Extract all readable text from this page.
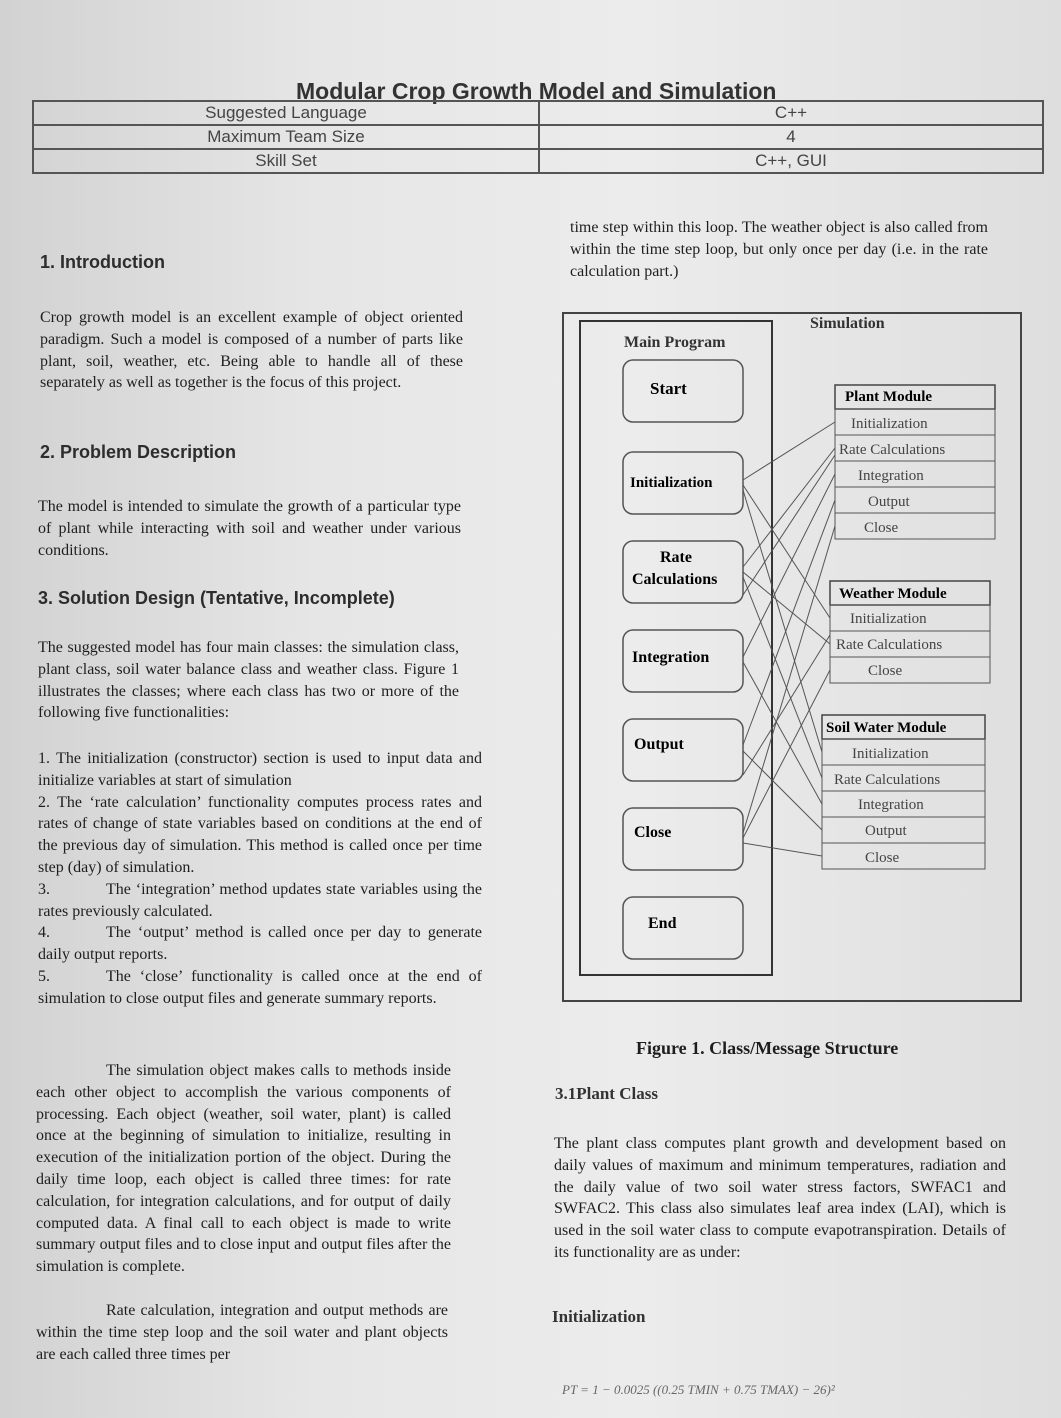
Modular Crop Growth Model and Simulation
Suggested Language	C++
Maximum Team Size	4
Skill Set	C++, GUI
1. Introduction

Crop growth model is an excellent example of object oriented paradigm. Such a model is composed of a number of parts like plant, soil, weather, etc. Being able to handle all of these separately as well as together is the focus of this project.

2. Problem Description

The model is intended to simulate the growth of a particular type of plant while interacting with soil and weather under various conditions.

3. Solution Design (Tentative, Incomplete)

The suggested model has four main classes: the simulation class, plant class, soil water balance class and weather class. Figure 1 illustrates the classes; where each class has two or more of the following five functionalities:

1. The initialization (constructor) section is used to input data and initialize variables at start of simulation
2. The ‘rate calculation’ functionality computes process rates and rates of change of state variables based on conditions at the end of the previous day of simulation. This method is called once per time step (day) of simulation.
3.	The ‘integration’ method updates state variables using the rates previously calculated.
4.	The ‘output’ method is called once per day to generate daily output reports.
5.	The ‘close’ functionality is called once at the end of simulation to close output files and generate summary reports.

The simulation object makes calls to methods inside each other object to accomplish the various components of processing. Each object (weather, soil water, plant) is called once at the beginning of simulation to initialize, resulting in execution of the initialization portion of the object. During the daily time loop, each object is called three times: for rate calculation, for integration calculations, and for output of daily computed data. A final call to each object is made to write summary output files and to close input and output files after the simulation is complete.

Rate calculation, integration and output methods are within the time step loop and the soil water and plant objects are each called three times per

time step within this loop. The weather object is also called from within the time step loop, but only once per day (i.e. in the rate calculation part.)

Simulation
Main Program
Start
Initialization
Rate
Calculations
Integration
Output
Close
End
Plant Module
Initialization
Rate Calculations
Integration
Output
Close
Weather Module
Initialization
Rate Calculations
Close
Soil Water Module
Initialization
Rate Calculations
Integration
Output
Close
Figure 1. Class/Message Structure
3.1Plant Class

The plant class computes plant growth and development based on daily values of maximum and minimum temperatures, radiation and the daily value of two soil water stress factors, SWFAC1 and SWFAC2. This class also simulates leaf area index (LAI), which is used in the soil water class to compute evapotranspiration. Details of its functionality are as under:

Initialization
PT = 1 − 0.0025 ((0.25 TMIN + 0.75 TMAX) − 26)²
